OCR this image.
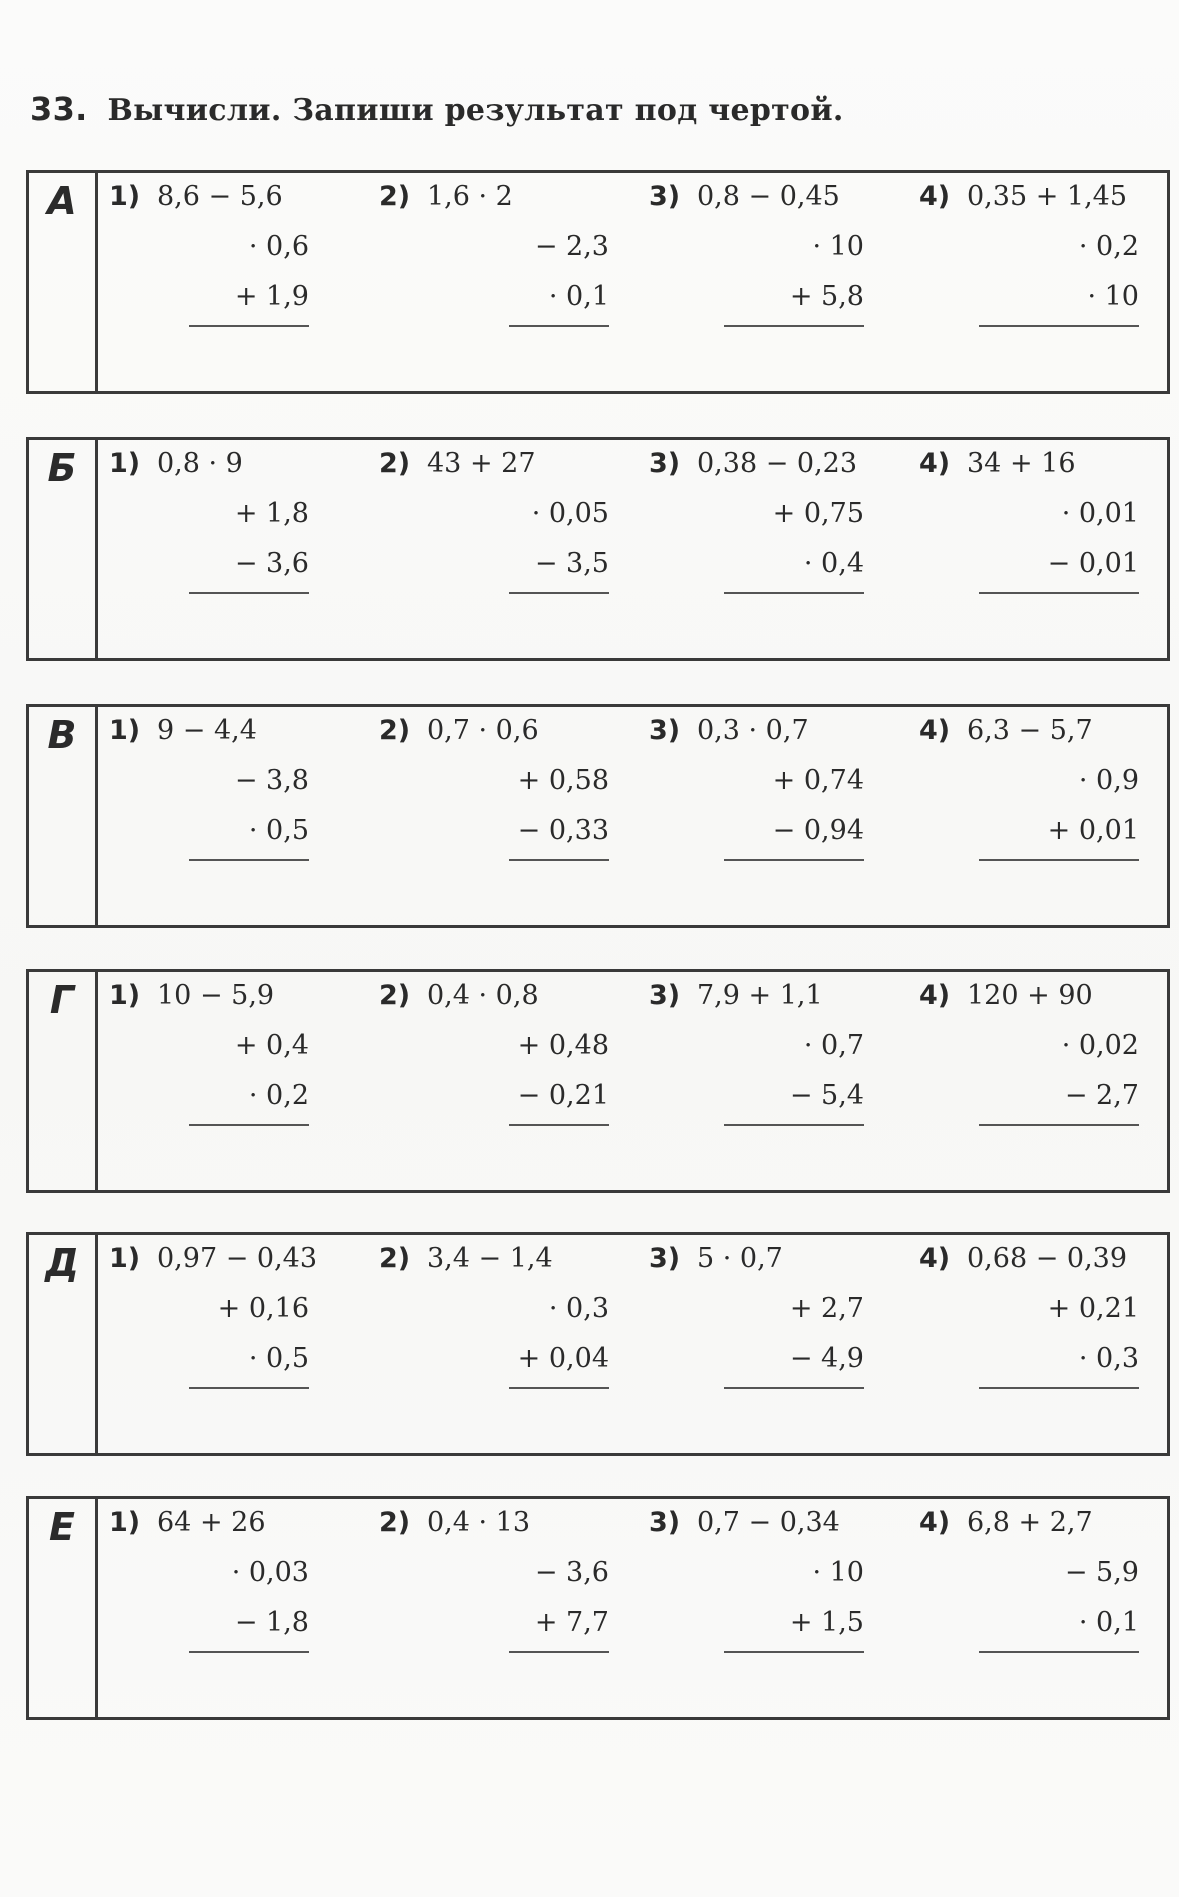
33. Вычисли. Запиши результат под чертой.
А	1) 8,6 − 5,6
· 0,6
+ 1,9
2) 1,6 · 2
− 2,3
· 0,1
3) 0,8 − 0,45
· 10
+ 5,8
4) 0,35 + 1,45
· 0,2
· 10
Б	1) 0,8 · 9
+ 1,8
− 3,6
2) 43 + 27
· 0,05
− 3,5
3) 0,38 − 0,23
+ 0,75
· 0,4
4) 34 + 16
· 0,01
− 0,01
В	1) 9 − 4,4
− 3,8
· 0,5
2) 0,7 · 0,6
+ 0,58
− 0,33
3) 0,3 · 0,7
+ 0,74
− 0,94
4) 6,3 − 5,7
· 0,9
+ 0,01
Г	1) 10 − 5,9
+ 0,4
· 0,2
2) 0,4 · 0,8
+ 0,48
− 0,21
3) 7,9 + 1,1
· 0,7
− 5,4
4) 120 + 90
· 0,02
− 2,7
Д	1) 0,97 − 0,43
+ 0,16
· 0,5
2) 3,4 − 1,4
· 0,3
+ 0,04
3) 5 · 0,7
+ 2,7
− 4,9
4) 0,68 − 0,39
+ 0,21
· 0,3
Е	1) 64 + 26
· 0,03
− 1,8
2) 0,4 · 13
− 3,6
+ 7,7
3) 0,7 − 0,34
· 10
+ 1,5
4) 6,8 + 2,7
− 5,9
· 0,1
